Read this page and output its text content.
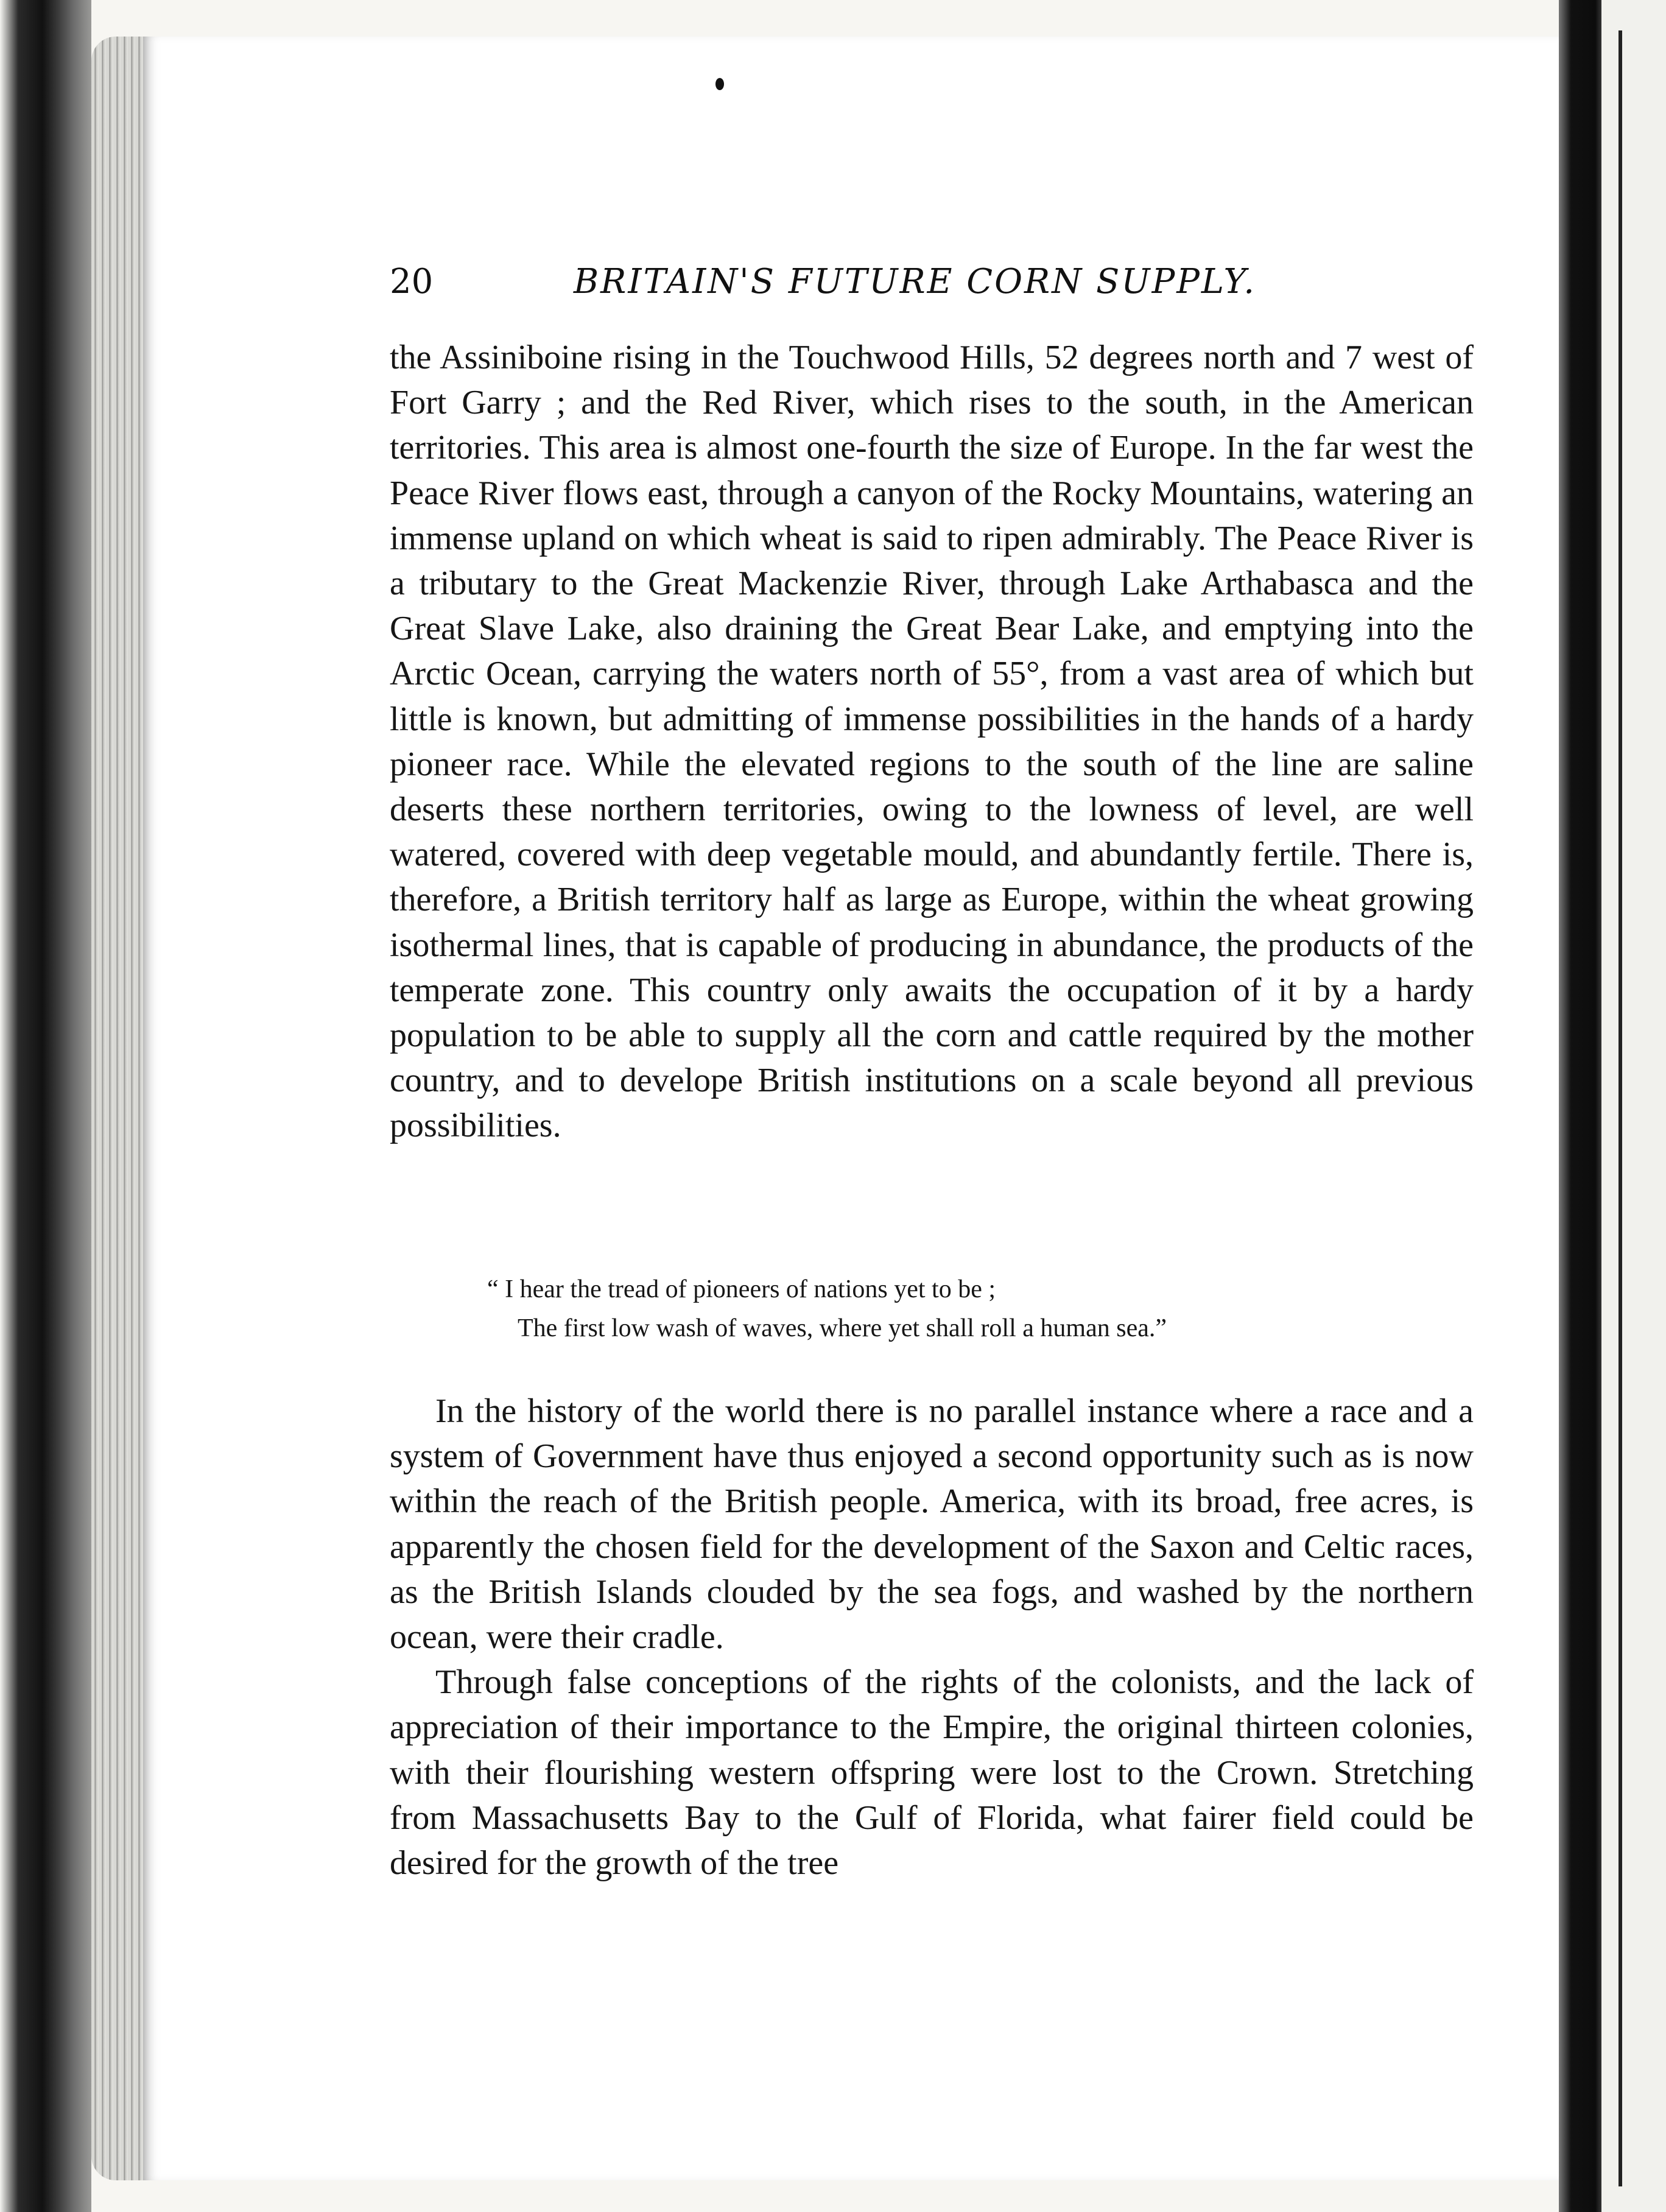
20	BRITAIN'S FUTURE CORN SUPPLY.

the Assiniboine rising in the Touchwood Hills, 52 degrees north and 7 west of Fort Garry ; and the Red River, which rises to the south, in the American territories. This area is almost one-fourth the size of Europe. In the far west the Peace River flows east, through a canyon of the Rocky Mountains, watering an immense upland on which wheat is said to ripen admirably. The Peace River is a tributary to the Great Mackenzie River, through Lake Arthabasca and the Great Slave Lake, also draining the Great Bear Lake, and emptying into the Arctic Ocean, carrying the waters north of 55°, from a vast area of which but little is known, but admitting of immense possibilities in the hands of a hardy pioneer race. While the elevated regions to the south of the line are saline deserts these northern territories, owing to the lowness of level, are well watered, covered with deep vegetable mould, and abundantly fertile. There is, therefore, a British territory half as large as Europe, within the wheat growing isothermal lines, that is capable of producing in abundance, the products of the temperate zone. This country only awaits the occupation of it by a hardy population to be able to supply all the corn and cattle required by the mother country, and to develope British institutions on a scale beyond all previous possibilities.

“ I hear the tread of pioneers of nations yet to be ;
The first low wash of waves, where yet shall roll a human sea.”

In the history of the world there is no parallel instance where a race and a system of Government have thus enjoyed a second opportunity such as is now within the reach of the British people. America, with its broad, free acres, is apparently the chosen field for the development of the Saxon and Celtic races, as the British Islands clouded by the sea fogs, and washed by the northern ocean, were their cradle.

Through false conceptions of the rights of the colonists, and the lack of appreciation of their importance to the Empire, the original thirteen colonies, with their flourishing western offspring were lost to the Crown. Stretching from Massachusetts Bay to the Gulf of Florida, what fairer field could be desired for the growth of the tree
